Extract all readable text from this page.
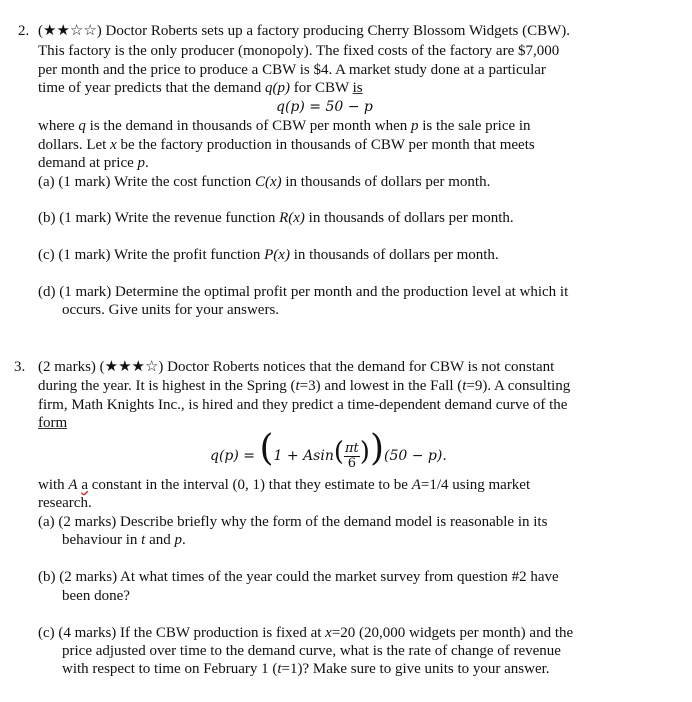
2. (★★☆☆) Doctor Roberts sets up a factory producing Cherry Blossom Widgets (CBW).
This factory is the only producer (monopoly). The fixed costs of the factory are $7,000
per month and the price to produce a CBW is $4. A market study done at a particular
time of year predicts that the demand q(p) for CBW is
q(p) = 50 − p
where q is the demand in thousands of CBW per month when p is the sale price in
dollars. Let x be the factory production in thousands of CBW per month that meets
demand at price p.
(a) (1 mark) Write the cost function C(x) in thousands of dollars per month.
(b) (1 mark) Write the revenue function R(x) in thousands of dollars per month.
(c) (1 mark) Write the profit function P(x) in thousands of dollars per month.
(d) (1 mark) Determine the optimal profit per month and the production level at which it
occurs. Give units for your answers.
3. (2 marks) (★★★☆) Doctor Roberts notices that the demand for CBW is not constant
during the year. It is highest in the Spring (t=3) and lowest in the Fall (t=9). A consulting
firm, Math Knights Inc., is hired and they predict a time-dependent demand curve of the
form
$q(p) = (1 + Asin( \frac{\pi t}{6} ))(50 - p)$.
with A a constant in the interval (0, 1) that they estimate to be A=1/4 using market
research.
(a) (2 marks) Describe briefly why the form of the demand model is reasonable in its
behaviour in t and p.
(b) (2 marks) At what times of the year could the market survey from question #2 have
been done?
(c) (4 marks) If the CBW production is fixed at x=20 (20,000 widgets per month) and the
price adjusted over time to the demand curve, what is the rate of change of revenue
with respect to time on February 1 (t=1)? Make sure to give units to your answer.
